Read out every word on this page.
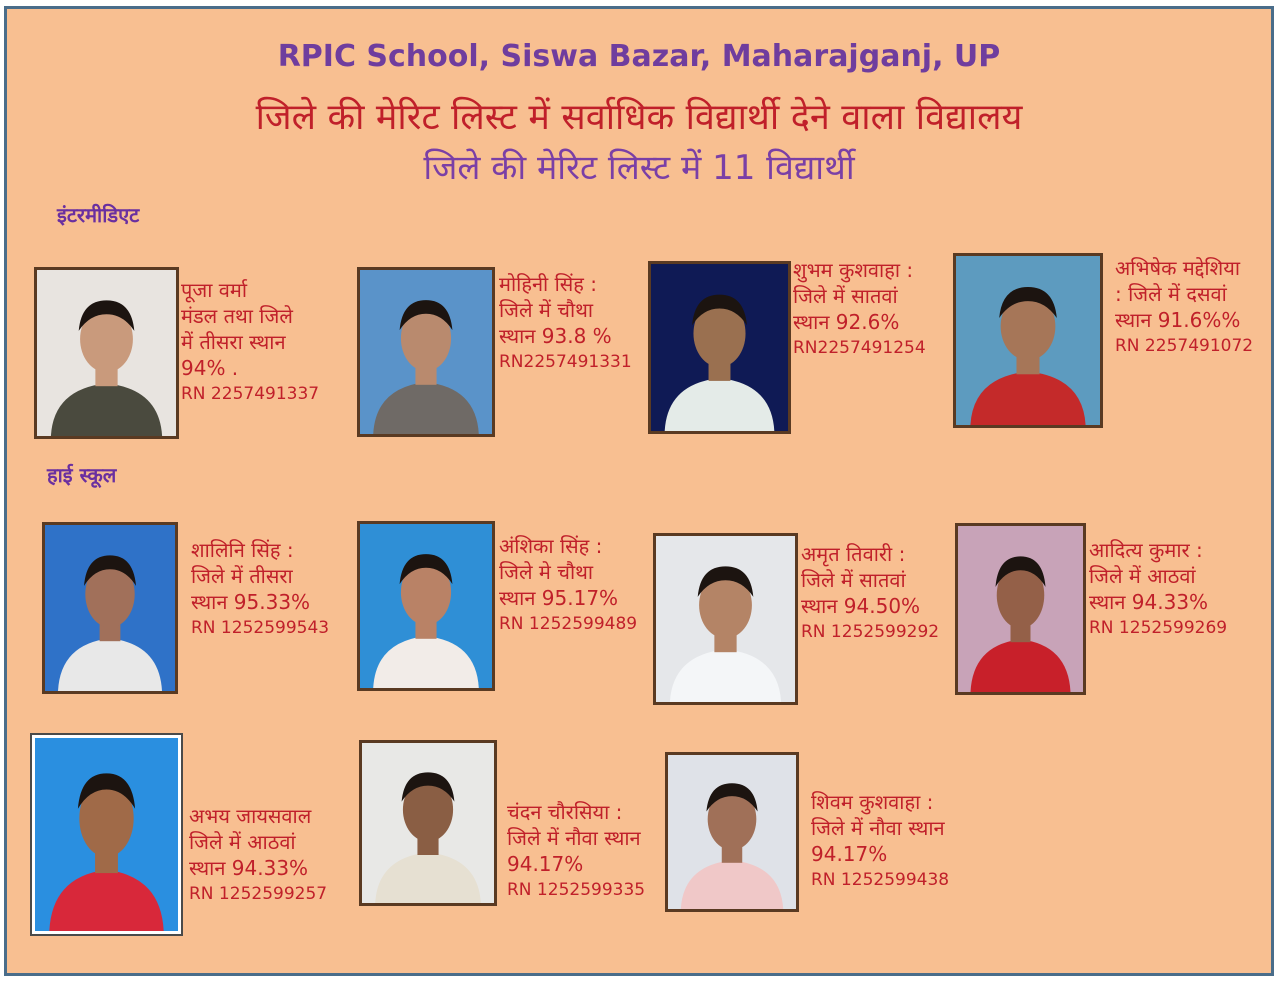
RPIC School, Siswa Bazar, Maharajganj, UP
जिले की मेरिट लिस्ट में सर्वाधिक विद्यार्थी देने वाला विद्यालय
जिले की मेरिट लिस्ट में 11 विद्यार्थी
इंटरमीडिएट
हाई स्कूल
पूजा वर्मा
मंडल तथा जिले
में तीसरा स्थान
94% .
RN 2257491337
मोहिनी सिंह :
जिले में चौथा
स्थान 93.8 %
RN2257491331
शुभम कुशवाहा :
जिले में सातवां
स्थान 92.6%
RN2257491254
अभिषेक मद्देशिया
: जिले में दसवां
स्थान 91.6%%
RN 2257491072
शालिनि सिंह :
जिले में तीसरा
स्थान 95.33%
RN 1252599543
अंशिका सिंह :
जिले मे चौथा
स्थान 95.17%
RN 1252599489
अमृत तिवारी :
जिले में सातवां
स्थान 94.50%
RN 1252599292
आदित्य कुमार :
जिले में आठवां
स्थान 94.33%
RN 1252599269
अभय जायसवाल
जिले में आठवां
स्थान 94.33%
RN 1252599257
चंदन चौरसिया :
जिले में नौवा स्थान
94.17%
RN 1252599335
शिवम कुशवाहा :
जिले में नौवा स्थान
94.17%
RN 1252599438
